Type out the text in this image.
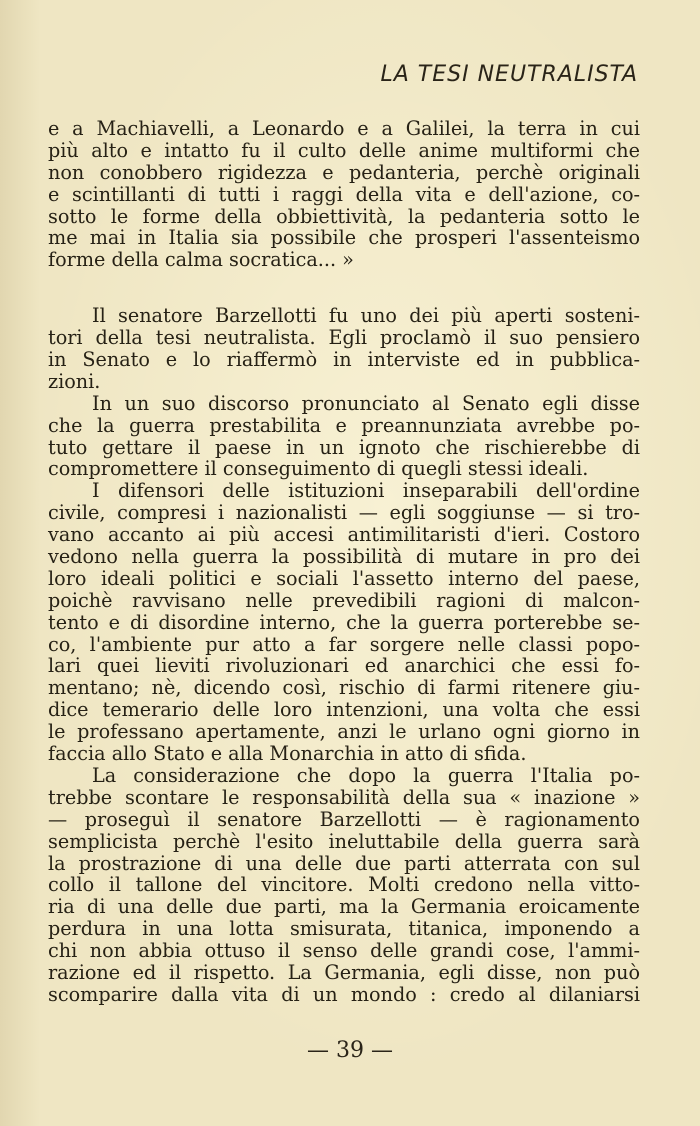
LA TESI NEUTRALISTA
e a Machiavelli, a Leonardo e a Galilei, la terra in cui
più alto e intatto fu il culto delle anime multiformi che
non conobbero rigidezza e pedanteria, perchè originali
e scintillanti di tutti i raggi della vita e dell'azione, co-
sotto le forme della obbiettività, la pedanteria sotto le
me mai in Italia sia possibile che prosperi l'assenteismo
forme della calma socratica... »
Il senatore Barzellotti fu uno dei più aperti sosteni-
tori della tesi neutralista. Egli proclamò il suo pensiero
in Senato e lo riaffermò in interviste ed in pubblica-
zioni.
In un suo discorso pronunciato al Senato egli disse
che la guerra prestabilita e preannunziata avrebbe po-
tuto gettare il paese in un ignoto che rischierebbe di
compromettere il conseguimento di quegli stessi ideali.
I difensori delle istituzioni inseparabili dell'ordine
civile, compresi i nazionalisti — egli soggiunse — si tro-
vano accanto ai più accesi antimilitaristi d'ieri. Costoro
vedono nella guerra la possibilità di mutare in pro dei
loro ideali politici e sociali l'assetto interno del paese,
poichè ravvisano nelle prevedibili ragioni di malcon-
tento e di disordine interno, che la guerra porterebbe se-
co, l'ambiente pur atto a far sorgere nelle classi popo-
lari quei lieviti rivoluzionari ed anarchici che essi fo-
mentano; nè, dicendo così, rischio di farmi ritenere giu-
dice temerario delle loro intenzioni, una volta che essi
le professano apertamente, anzi le urlano ogni giorno in
faccia allo Stato e alla Monarchia in atto di sfida.
La considerazione che dopo la guerra l'Italia po-
trebbe scontare le responsabilità della sua « inazione »
— proseguì il senatore Barzellotti — è ragionamento
semplicista perchè l'esito ineluttabile della guerra sarà
la prostrazione di una delle due parti atterrata con sul
collo il tallone del vincitore. Molti credono nella vitto-
ria di una delle due parti, ma la Germania eroicamente
perdura in una lotta smisurata, titanica, imponendo a
chi non abbia ottuso il senso delle grandi cose, l'ammi-
razione ed il rispetto. La Germania, egli disse, non può
scomparire dalla vita di un mondo : credo al dilaniarsi
— 39 —
